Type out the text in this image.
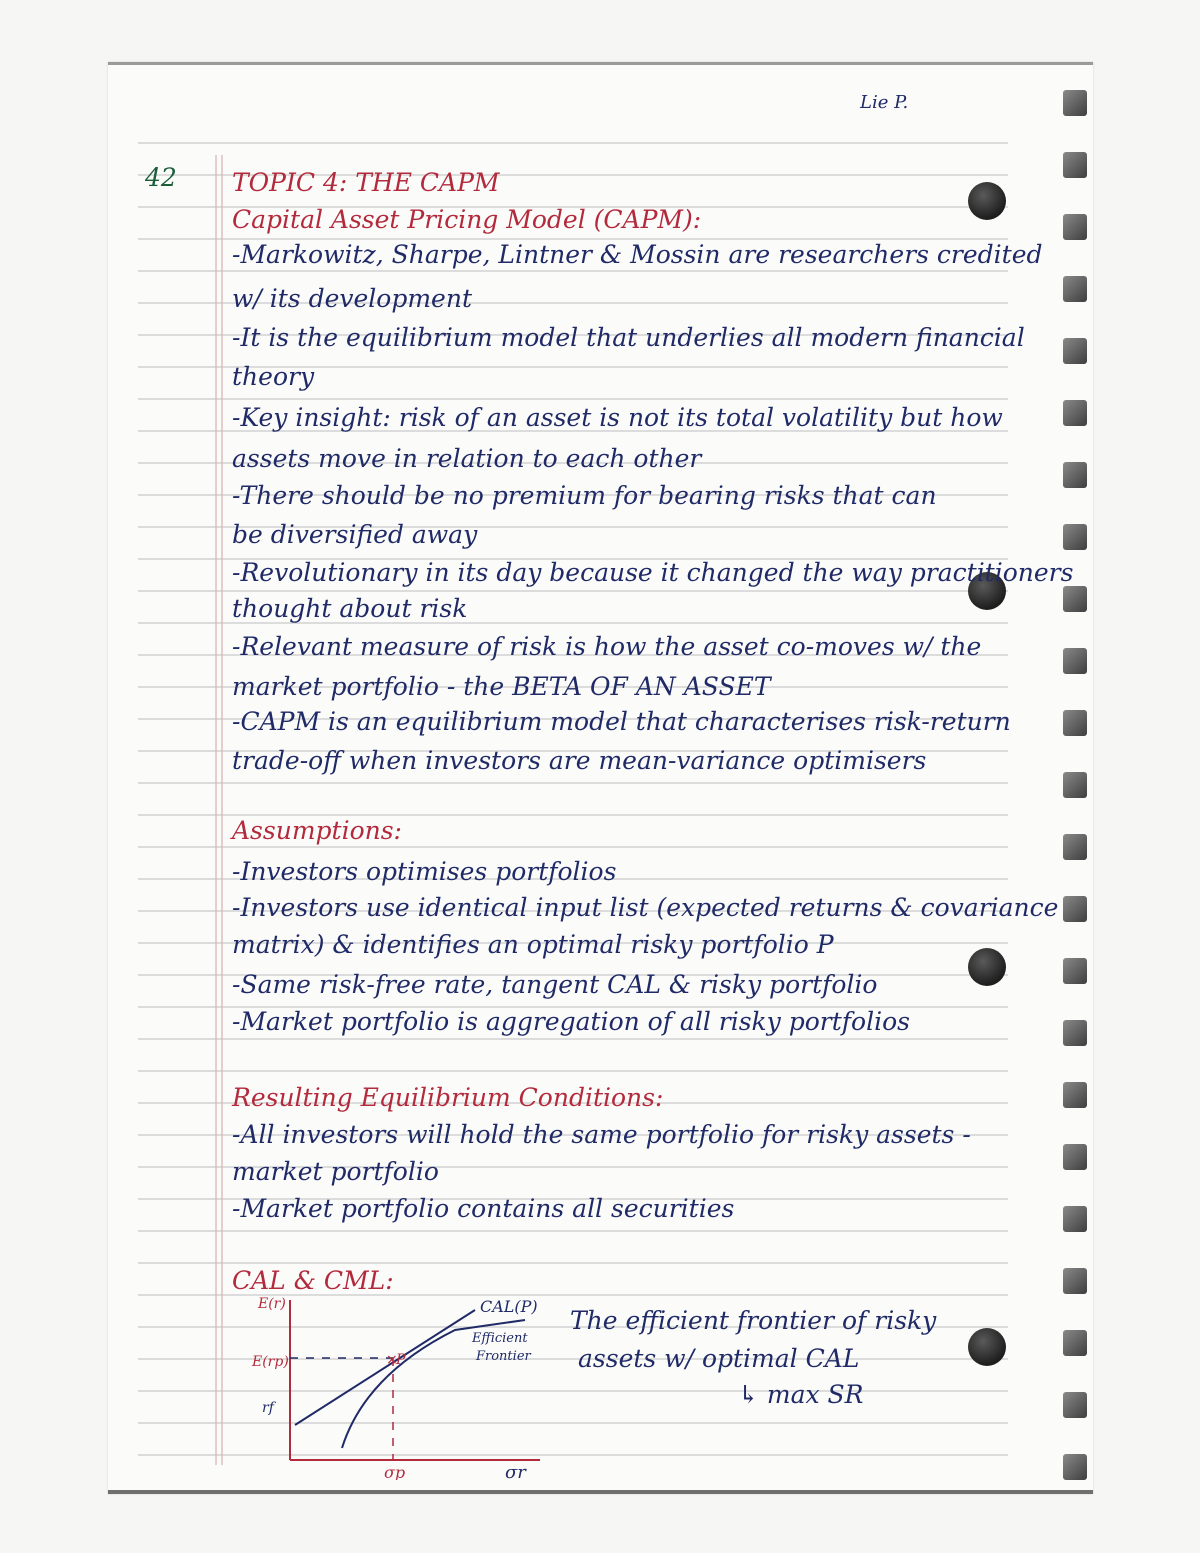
Lie P.

42 TOPIC 4: THE CAPM

Capital Asset Pricing Model (CAPM):

-Markowitz, Sharpe, Lintner & Mossin are researchers credited

w/ its development

-It is the equilibrium model that underlies all modern financial

theory

-Key insight: risk of an asset is not its total volatility but how

assets move in relation to each other

-There should be no premium for bearing risks that can

be diversified away

-Revolutionary in its day because it changed the way practitioners

thought about risk

-Relevant measure of risk is how the asset co-moves w/ the

market portfolio - the BETA OF AN ASSET

-CAPM is an equilibrium model that characterises risk-return

trade-off when investors are mean-variance optimisers

Assumptions:

-Investors optimises portfolios

-Investors use identical input list (expected returns & covariance

matrix) & identifies an optimal risky portfolio P

-Same risk-free rate, tangent CAL & risky portfolio

-Market portfolio is aggregation of all risky portfolios

Resulting Equilibrium Conditions:

-All investors will hold the same portfolio for risky assets -

market portfolio

-Market portfolio contains all securities

CAL & CML:

The efficient frontier of risky

assets w/ optimal CAL

↳ max SR

E(r)
σr
CAL(P)
Efficient
Frontier
E(rp)
rf
σp
P
×
